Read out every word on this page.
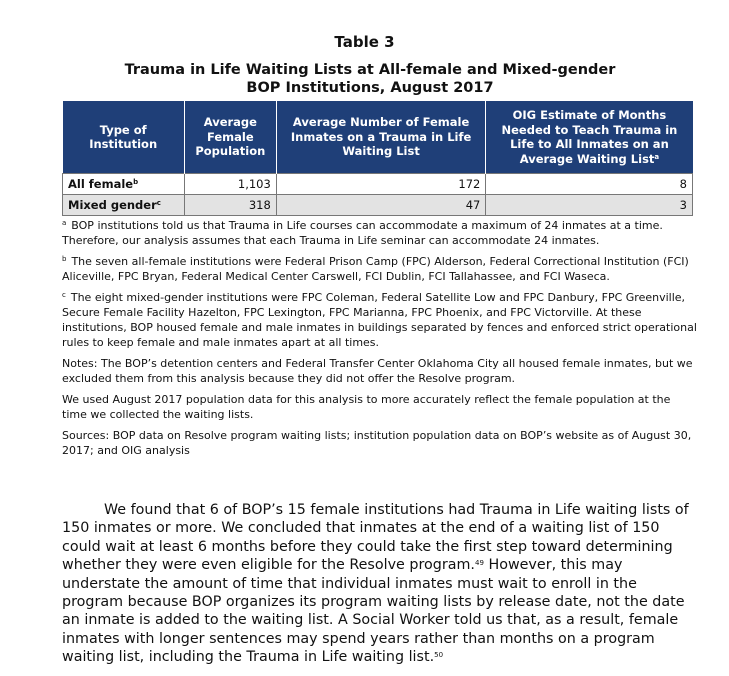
Table 3
Trauma in Life Waiting Lists at All-female and Mixed-gender
BOP Institutions, August 2017
Type of Institution	Average Female Population	Average Number of Female Inmates on a Trauma in Life Waiting List	OIG Estimate of Months Needed to Teach Trauma in Life to All Inmates on an Average Waiting List$^a$
All female$^b$	1,103	172	8
Mixed gender$^c$	318	47	3

$^a$ BOP institutions told us that Trauma in Life courses can accommodate a maximum of 24 inmates at a time. Therefore, our analysis assumes that each Trauma in Life seminar can accommodate 24 inmates.

$^b$ The seven all-female institutions were Federal Prison Camp (FPC) Alderson, Federal Correctional Institution (FCI) Aliceville, FPC Bryan, Federal Medical Center Carswell, FCI Dublin, FCI Tallahassee, and FCI Waseca.

$^c$ The eight mixed-gender institutions were FPC Coleman, Federal Satellite Low and FPC Danbury, FPC Greenville, Secure Female Facility Hazelton, FPC Lexington, FPC Marianna, FPC Phoenix, and FPC Victorville. At these institutions, BOP housed female and male inmates in buildings separated by fences and enforced strict operational rules to keep female and male inmates apart at all times.

Notes: The BOP’s detention centers and Federal Transfer Center Oklahoma City all housed female inmates, but we excluded them from this analysis because they did not offer the Resolve program.

We used August 2017 population data for this analysis to more accurately reflect the female population at the time we collected the waiting lists.

Sources: BOP data on Resolve program waiting lists; institution population data on BOP’s website as of August 30, 2017; and OIG analysis

We found that 6 of BOP’s 15 female institutions had Trauma in Life waiting lists of 150 inmates or more. We concluded that inmates at the end of a waiting list of 150 could wait at least 6 months before they could take the first step toward determining whether they were even eligible for the Resolve program.$^{49}$ However, this may understate the amount of time that individual inmates must wait to enroll in the program because BOP organizes its program waiting lists by release date, not the date an inmate is added to the waiting list. A Social Worker told us that, as a result, female inmates with longer sentences may spend years rather than months on a program waiting list, including the Trauma in Life waiting list.$^{50}$
